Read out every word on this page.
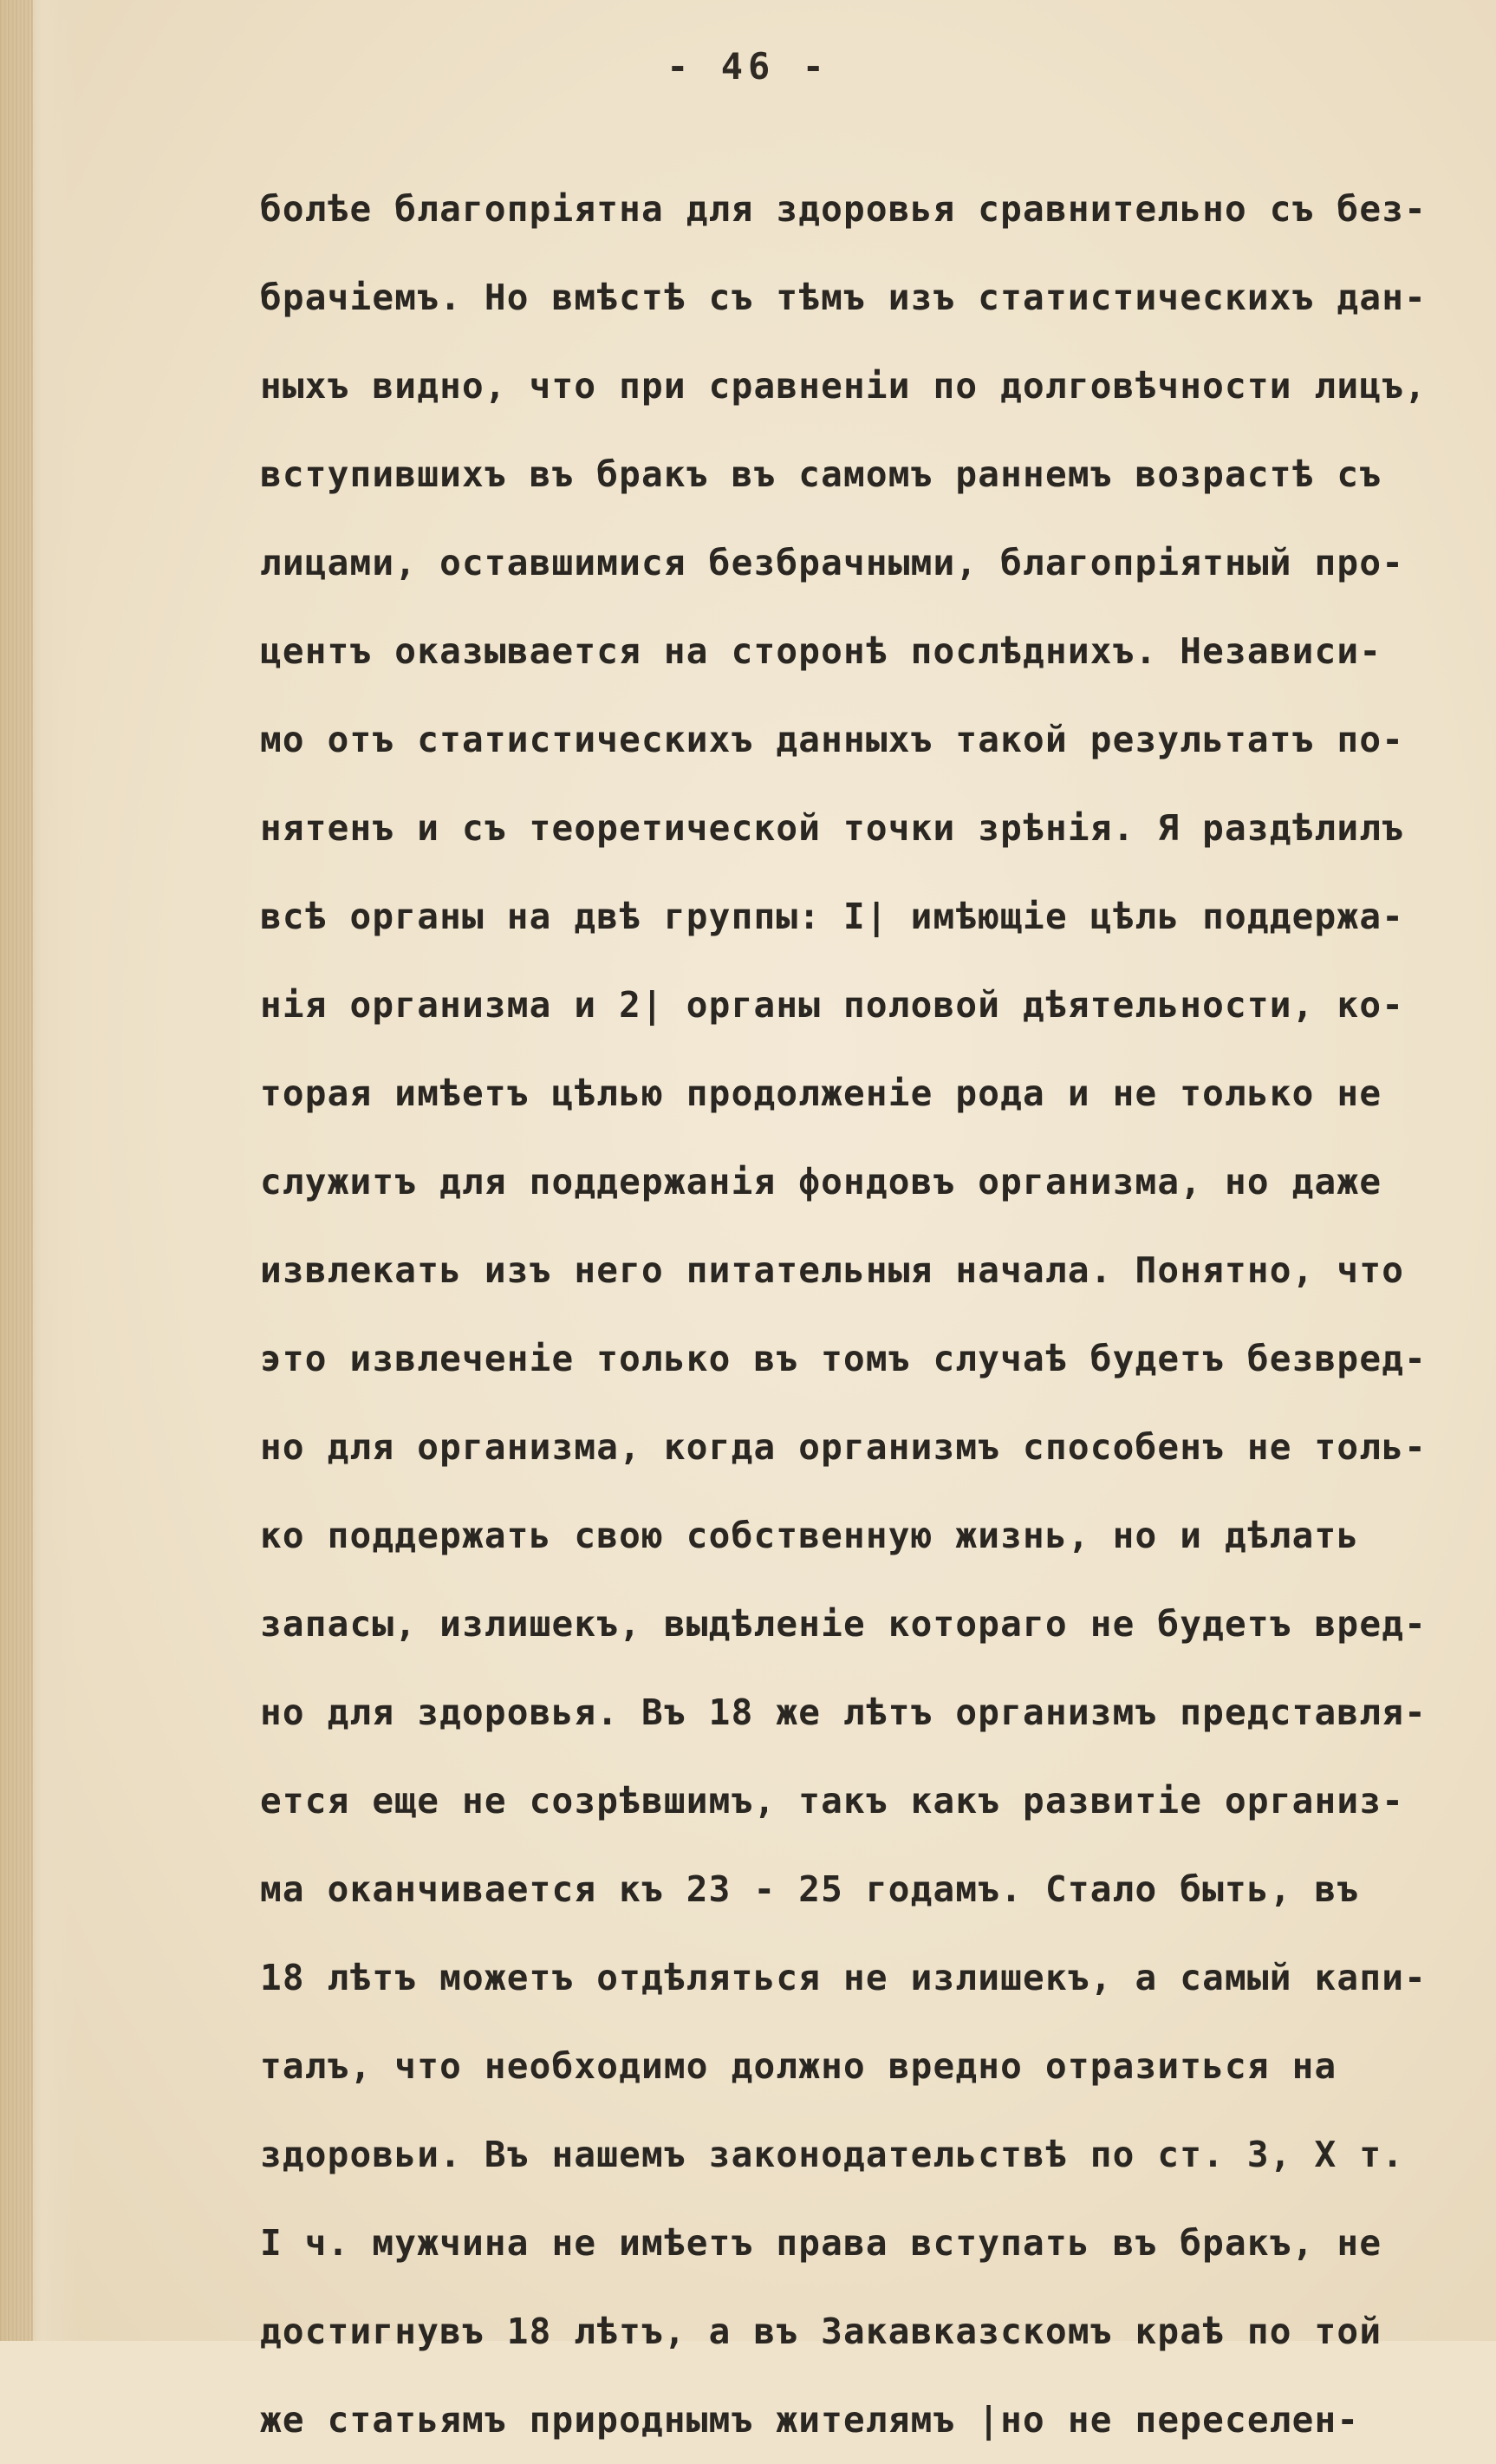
- 46 -
болѣе благопріятна для здоровья сравнительно съ без-
брачіемъ. Но вмѣстѣ съ тѣмъ изъ статистическихъ дан-
ныхъ видно, что при сравненіи по долговѣчности лицъ,
вступившихъ въ бракъ въ самомъ раннемъ возрастѣ съ
лицами, оставшимися безбрачными, благопріятный про-
центъ оказывается на сторонѣ послѣднихъ. Независи-
мо отъ статистическихъ данныхъ такой результатъ по-
нятенъ и съ теоретической точки зрѣнія. Я раздѣлилъ
всѣ органы на двѣ группы: I| имѣющіе цѣль поддержа-
нія организма и 2| органы половой дѣятельности, ко-
торая имѣетъ цѣлью продолженіе рода и не только не
служитъ для поддержанія фондовъ организма, но даже
извлекать изъ него питательныя начала. Понятно, что
это извлеченіе только въ томъ случаѣ будетъ безвред-
но для организма, когда организмъ способенъ не толь-
ко поддержать свою собственную жизнь, но и дѣлать
запасы, излишекъ, выдѣленіе котораго не будетъ вред-
но для здоровья. Въ 18 же лѣтъ организмъ представля-
ется еще не созрѣвшимъ, такъ какъ развитіе организ-
ма оканчивается къ 23 - 25 годамъ. Стало быть, въ
18 лѣтъ можетъ отдѣляться не излишекъ, а самый капи-
талъ, что необходимо должно вредно отразиться на
здоровьи. Въ нашемъ законодательствѣ по ст. 3, X т.
I ч. мужчина не имѣетъ права вступать въ бракъ, не
достигнувъ 18 лѣтъ, а въ Закавказскомъ краѣ по той
же статьямъ природнымъ жителямъ |но не переселен-
